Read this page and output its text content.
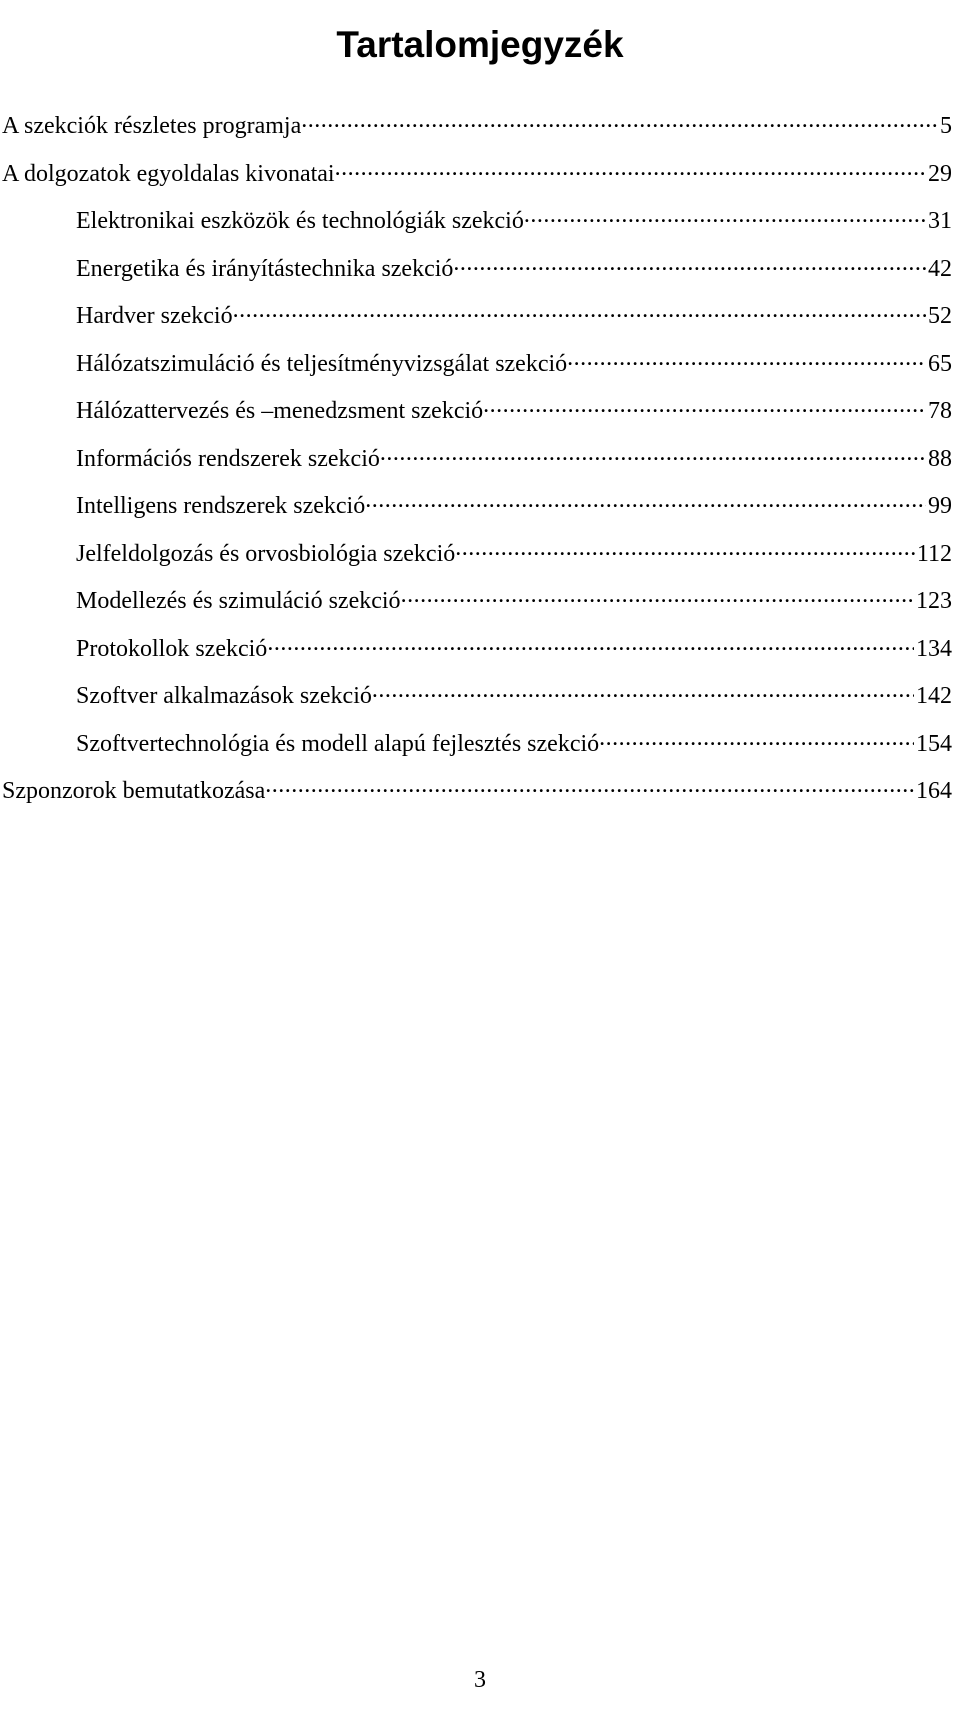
Tartalomjegyzék
A szekciók részletes programja .....	5
A dolgozatok egyoldalas kivonatai .....	29
Elektronikai eszközök és technológiák szekció .....	31
Energetika és irányítástechnika szekció .....	42
Hardver szekció .....	52
Hálózatszimuláció és teljesítményvizsgálat szekció .....	65
Hálózattervezés és –menedzsment szekció .....	78
Információs rendszerek szekció .....	88
Intelligens rendszerek szekció .....	99
Jelfeldolgozás és orvosbiológia szekció .....	112
Modellezés és szimuláció szekció .....	123
Protokollok szekció .....	134
Szoftver alkalmazások szekció .....	142
Szoftvertechnológia és modell alapú fejlesztés szekció .....	154
Szponzorok bemutatkozása .....	164
3
